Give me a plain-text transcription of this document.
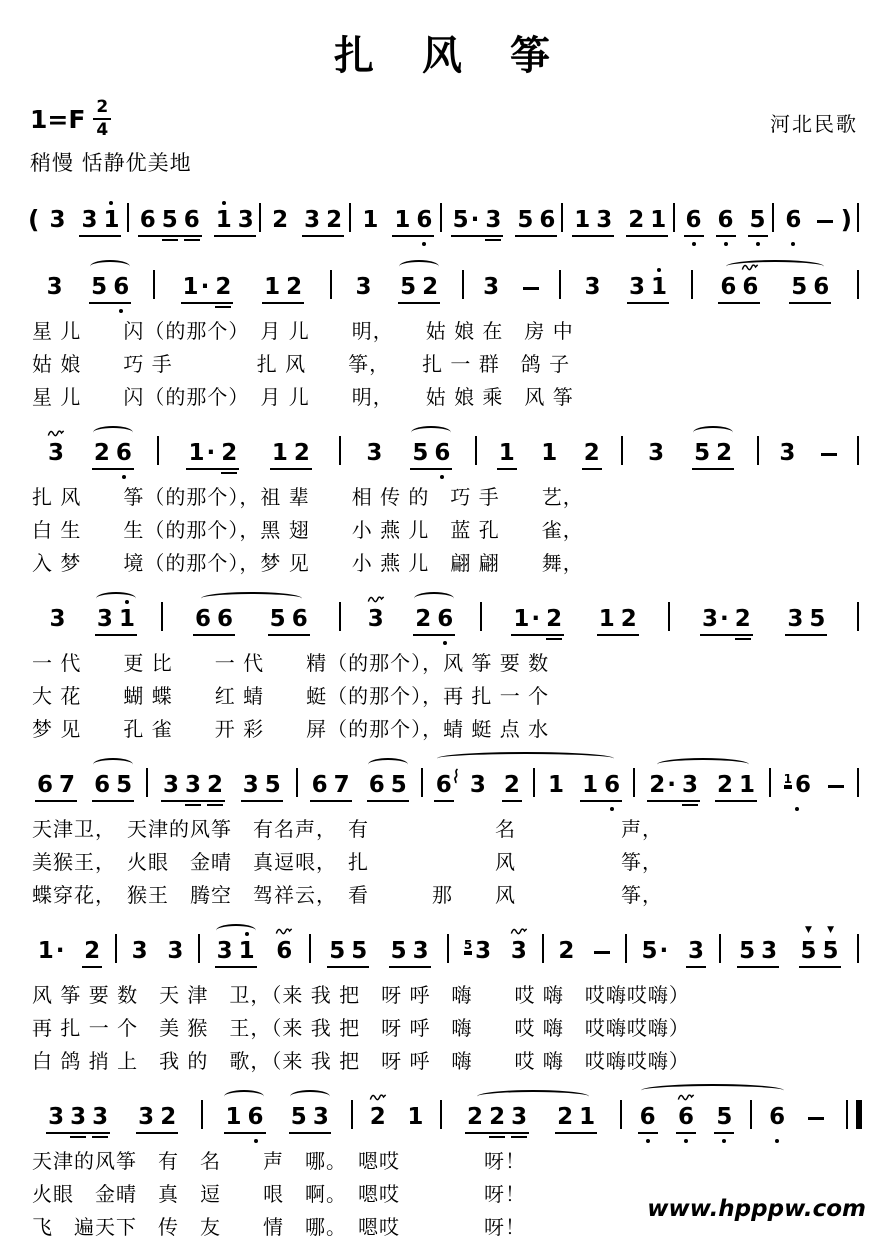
扎　风　筝
$1=F \frac{2}{4}$	河北民歌
稍慢 恬静优美地
( 3 3 1 6 5 6 1 3 2 3 2 1 1 6 5 · 3 5 6 1 3 2 1 6 6 5 6 )
3 5 6 1 · 2 1 2 3 5 2 3	3 3 1 6 6 5 6
星 儿　　闪（的那个）　月 儿　　明，　　姑 娘 在　房 中
姑 娘　　巧 手　　　　扎 风　　筝，　　扎 一 群　鸽 子
星 儿　　闪（的那个）　月 儿　　明，　　姑 娘 乘　风 筝
3 2 6 1 · 2 1 2 3 5 6 1 1 2 3 5 2 3
扎 风　　筝（的那个），祖 辈　　相 传 的　巧 手　　艺，
白 生　　生（的那个），黑 翅　　小 燕 儿　蓝 孔　　雀，
入 梦　　境（的那个），梦 见　　小 燕 儿　翩 翩　　舞，
3 3 1	6 6 5 6	3 2 6	1 · 2 1 2	3 · 2 3 5
一 代　　更 比　　一 代　　精（的那个），风 筝 要 数
大 花　　蝴 蝶　　红 蜻　　蜓（的那个），再 扎 一 个
梦 见　　孔 雀　　开 彩　　屏（的那个），蜻 蜓 点 水
6 7 6 5 3 3 2 3 5 6 7 6 5 6 3 2 1 1 6 2 · 3 2 1 1 6
天津卫，　天津的风筝　有名声，　有　　　　　　名　　　　　声，
美猴王，　火眼　金晴　真逗哏，　扎　　　　　　风　　　　　筝，
蝶穿花，　猴王　腾空　驾祥云，　看　　　那　　风　　　　　筝，
1 · 2 3 3 3 1 6 5 5 5 3	5 3 3 2	5 · 3 5 3 5
▼
5
▼
风 筝 要 数　天 津　卫，（来 我 把　呀 呼　嗨　　哎 嗨　哎嗨哎嗨）
再 扎 一 个　美 猴　王，（来 我 把　呀 呼　嗨　　哎 嗨　哎嗨哎嗨）
白 鸽 捎 上　我 的　歌，（来 我 把　呀 呼　嗨　　哎 嗨　哎嗨哎嗨）
3 3 3 3 2 1 6 5 3 2 1 2 2 3 2 1 6 6 5 6
天津的风筝　有　名　　声　哪。　嗯哎　　　　呀！
火眼　金晴　真　逗　　哏　啊。　嗯哎　　　　呀！
飞　遍天下　传　友　　情　哪。　嗯哎　　　　呀！
www.hpppw.com
